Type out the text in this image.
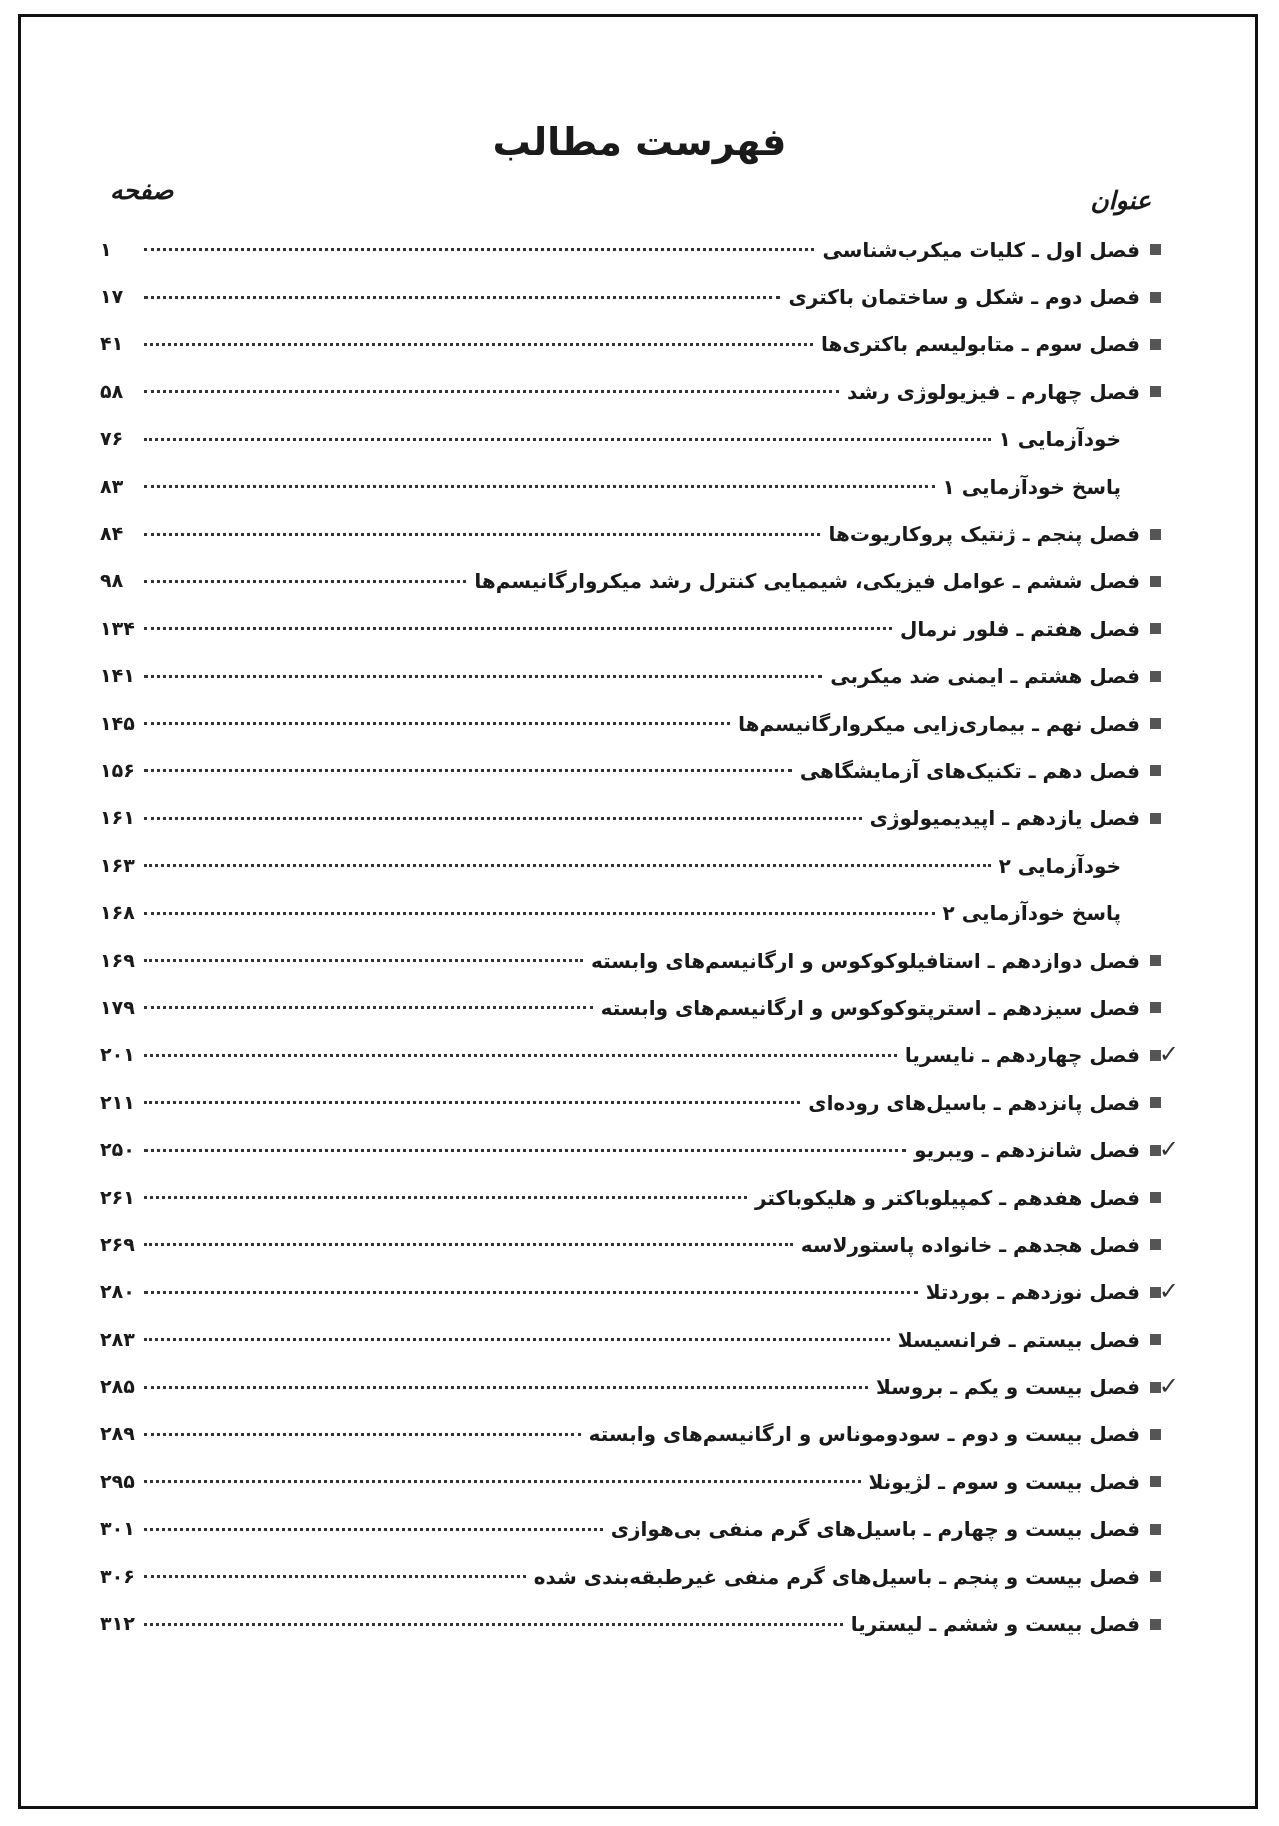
فهرست مطالب
عنوان
صفحه
فصل اول ـ کلیات میکرب‌شناسی
۱
فصل دوم ـ شکل و ساختمان باکتری
۱۷
فصل سوم ـ متابولیسم باکتری‌ها
۴۱
فصل چهارم ـ فیزیولوژی رشد
۵۸
خودآزمایی ۱
۷۶
پاسخ خودآزمایی ۱
۸۳
فصل پنجم ـ ژنتیک پروکاریوت‌ها
۸۴
فصل ششم ـ عوامل فیزیکی، شیمیایی کنترل رشد میکروارگانیسم‌ها
۹۸
فصل هفتم ـ فلور نرمال
۱۳۴
فصل هشتم ـ ایمنی ضد میکربی
۱۴۱
فصل نهم ـ بیماری‌زایی میکروارگانیسم‌ها
۱۴۵
فصل دهم ـ تکنیک‌های آزمایشگاهی
۱۵۶
فصل یازدهم ـ اپیدیمیولوژی
۱۶۱
خودآزمایی ۲
۱۶۳
پاسخ خودآزمایی ۲
۱۶۸
فصل دوازدهم ـ استافیلوکوکوس و ارگانیسم‌های وابسته
۱۶۹
فصل سیزدهم ـ استرپتوکوکوس و ارگانیسم‌های وابسته
۱۷۹
فصل چهاردهم ـ نایسریا
۲۰۱
فصل پانزدهم ـ باسیل‌های روده‌ای
۲۱۱
فصل شانزدهم ـ ویبریو
۲۵۰
فصل هفدهم ـ کمپیلوباکتر و هلیکوباکتر
۲۶۱
فصل هجدهم ـ خانواده پاستورلاسه
۲۶۹
فصل نوزدهم ـ بوردتلا
۲۸۰
فصل بیستم ـ فرانسیسلا
۲۸۳
فصل بیست و یکم ـ بروسلا
۲۸۵
فصل بیست و دوم ـ سودوموناس و ارگانیسم‌های وابسته
۲۸۹
فصل بیست و سوم ـ لژیونلا
۲۹۵
فصل بیست و چهارم ـ باسیل‌های گرم منفی بی‌هوازی
۳۰۱
فصل بیست و پنجم ـ باسیل‌های گرم منفی غیرطبقه‌بندی شده
۳۰۶
فصل بیست و ششم ـ لیستریا
۳۱۲
✓
✓
✓
✓
